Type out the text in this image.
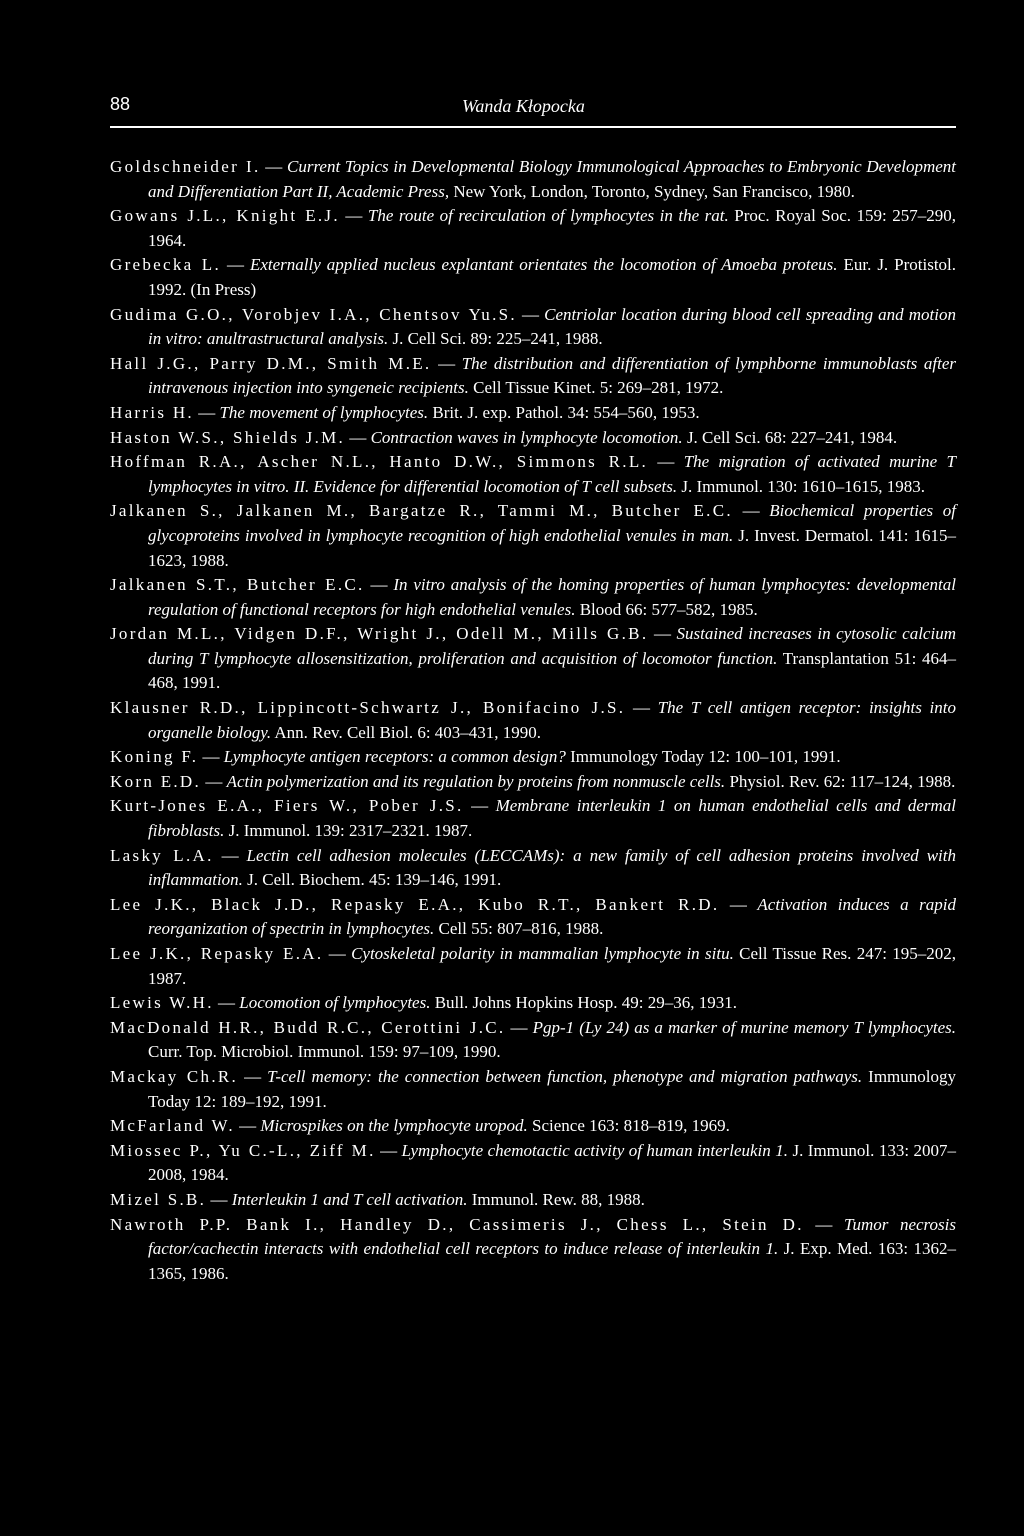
88	Wanda Kłopocka

Goldschneider I. — Current Topics in Developmental Biology Immunological Approaches to Embryonic Development and Differentiation Part II, Academic Press, New York, London, Toronto, Sydney, San Francisco, 1980.

Gowans J.L., Knight E.J. — The route of recirculation of lymphocytes in the rat. Proc. Royal Soc. 159: 257–290, 1964.

Grebecka L. — Externally applied nucleus explantant orientates the locomotion of Amoeba proteus. Eur. J. Protistol. 1992. (In Press)

Gudima G.O., Vorobjev I.A., Chentsov Yu.S. — Centriolar location during blood cell spreading and motion in vitro: anultrastructural analysis. J. Cell Sci. 89: 225–241, 1988.

Hall J.G., Parry D.M., Smith M.E. — The distribution and differentiation of lymphborne immunoblasts after intravenous injection into syngeneic recipients. Cell Tissue Kinet. 5: 269–281, 1972.

Harris H. — The movement of lymphocytes. Brit. J. exp. Pathol. 34: 554–560, 1953.

Haston W.S., Shields J.M. — Contraction waves in lymphocyte locomotion. J. Cell Sci. 68: 227–241, 1984.

Hoffman R.A., Ascher N.L., Hanto D.W., Simmons R.L. — The migration of activated murine T lymphocytes in vitro. II. Evidence for differential locomotion of T cell subsets. J. Immunol. 130: 1610–1615, 1983.

Jalkanen S., Jalkanen M., Bargatze R., Tammi M., Butcher E.C. — Biochemical properties of glycoproteins involved in lymphocyte recognition of high endothelial venules in man. J. Invest. Dermatol. 141: 1615–1623, 1988.

Jalkanen S.T., Butcher E.C. — In vitro analysis of the homing properties of human lymphocytes: developmental regulation of functional receptors for high endothelial venules. Blood 66: 577–582, 1985.

Jordan M.L., Vidgen D.F., Wright J., Odell M., Mills G.B. — Sustained increases in cytosolic calcium during T lymphocyte allosensitization, proliferation and acquisition of locomotor function. Transplantation 51: 464–468, 1991.

Klausner R.D., Lippincott-Schwartz J., Bonifacino J.S. — The T cell antigen receptor: insights into organelle biology. Ann. Rev. Cell Biol. 6: 403–431, 1990.

Koning F. — Lymphocyte antigen receptors: a common design? Immunology Today 12: 100–101, 1991.

Korn E.D. — Actin polymerization and its regulation by proteins from nonmuscle cells. Physiol. Rev. 62: 117–124, 1988.

Kurt-Jones E.A., Fiers W., Pober J.S. — Membrane interleukin 1 on human endothelial cells and dermal fibroblasts. J. Immunol. 139: 2317–2321. 1987.

Lasky L.A. — Lectin cell adhesion molecules (LECCAMs): a new family of cell adhesion proteins involved with inflammation. J. Cell. Biochem. 45: 139–146, 1991.

Lee J.K., Black J.D., Repasky E.A., Kubo R.T., Bankert R.D. — Activation induces a rapid reorganization of spectrin in lymphocytes. Cell 55: 807–816, 1988.

Lee J.K., Repasky E.A. — Cytoskeletal polarity in mammalian lymphocyte in situ. Cell Tissue Res. 247: 195–202, 1987.

Lewis W.H. — Locomotion of lymphocytes. Bull. Johns Hopkins Hosp. 49: 29–36, 1931.

MacDonald H.R., Budd R.C., Cerottini J.C. — Pgp-1 (Ly 24) as a marker of murine memory T lymphocytes. Curr. Top. Microbiol. Immunol. 159: 97–109, 1990.

Mackay Ch.R. — T-cell memory: the connection between function, phenotype and migration pathways. Immunology Today 12: 189–192, 1991.

McFarland W. — Microspikes on the lymphocyte uropod. Science 163: 818–819, 1969.

Miossec P., Yu C.-L., Ziff M. — Lymphocyte chemotactic activity of human interleukin 1. J. Immunol. 133: 2007–2008, 1984.

Mizel S.B. — Interleukin 1 and T cell activation. Immunol. Rew. 88, 1988.

Nawroth P.P. Bank I., Handley D., Cassimeris J., Chess L., Stein D. — Tumor necrosis factor/cachectin interacts with endothelial cell receptors to induce release of interleukin 1. J. Exp. Med. 163: 1362–1365, 1986.
